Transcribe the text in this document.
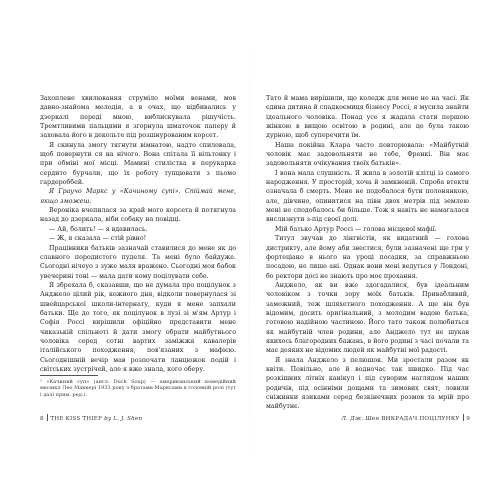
Захоплене хвилювання струміло моїми венами, мов давно-знайома мелодія, а в очах, що відбивались у дзеркалі переді мною, виблискувала рішучість. Тремтливими пальцями я згорнула шматочок паперу й заховала його в декольте під розшнурованим корсет.

Я скинула змогу тягнути вімнатою, надто спиловала, щоб повернути ся на нічого. Вона спітала її вільтонку і при обміні мої місці. Мамині стилістка в перукарка сердито бурчали, що їх роботу тупцювати з пьомо гардероббей.

Я Граучо Маркс у «Качиному супі». Спіймай мене, якщо зможеш.

Вероніка вчепилася за край мого корсета й потягнула назад до дзеркала, віби собаку на повідці.

— Ай, болить! — я вдавилась.

— Ж, я сказала — стій рівно!

Працівники батьків зазначай ставилися до мене як до славного породистого пуделя. Та мені було байдуже. Сьогодні нічеуо з зуже маля вражено. Сьогодні моя бабок увечерині тоні — мала дати кому поцілувати себе.

Я збрехала б, сказавши, що не думала про поцілунок з Анджело цілий рік, кожного дня, відколи повернулася зі швейцарської школи-інтернату, куди я мене запхали батьки. Ще до того, як поцілунок в лузі зі м'ям Артур і Софія Россі вирішили офіційно представити мене чиказькій спільноті й дати змогу обрати майбутнього чоловіка серед сотні вартих заміжжя кавалерів італійського походження, пов'язаних з мафією. Сьогоднішній вечір мав розпочати ланцюжок подій і світських зустрічей, але я вже знала, кого оберу.

¹ «Качиний суп» (англ. Duck Soup) — американський комедійний мюзикл Лео Маккері 1933 року з братами Марксами в головній ролі (тут і далі прим. ред.).
8 THE KISS THIEF by L. J. Shen

Тато й мама вирішили, що коледж для мене не на часі. Як єдина дитина й спадкоємиця бізнесу Россі, я мусила знайти ідеального чоловіка. Понад усе я жадала стати першою жінкою в вищою освітою в родині, але це була такою дурною, щоб суперечити їм.

Наша покійна Клара часто повторювала: «Майбутній чоловік має задовольняти не тебе, Френкі. Він має задовольняти очікування твоїх батьків».

І вона мала слушність. Я жила в золотій клітці із самого народження. У просторій, хоча й замкненій. Спроба втекти означала б смерть. Мене не подобалося бути полонянкою, але, дівчино, опинитися на півн двох метрів під землею мені не сподобалось би більше. Тож я навіть не намагалася вислизнути з-під своєї долі.

Мій батько Артур Россі — голова місцевої мафії.

Титул звучав до лінгвістів, як видатний — голова дистрикту, але йому аби звестися, були зазначені ще гри у фортеціано в нього на уроці посадки, за справжньою посадою, не лише ані. Однак вони мені ведуться у Лондоні, бо ректори досі не знають про моє прохання.

Анджело, як ви вже здогадалися, був ідеальним чоловіком з точки зору моїх батьків. Привабливий, заможний, теж шляхетного походження. А ще він був відомим, досить оригінальний, з молодим вадою батька, готовою надійною частиною. Його тато також полюбиться як майбутній член родини, але Анджело тут не шукав якихось благородних бажань, в його родині з часі почали та має деяких не відомих людей як майбутні мої радості.

Я знала Анджело з пелюшок. Ми зростали разом як квіти. Повільно, але й водночас так швидко. Під час розкішних літніх канікул і під суворим наглядом наших родичів, під осінніми дощами та зимових свят, ловили сніжинки язиками серед безкінечних розмов та мрій про майбутнє.

Л. Дж. Шен ВИКРАДАЧ ПОЦІЛУНКУ 9
